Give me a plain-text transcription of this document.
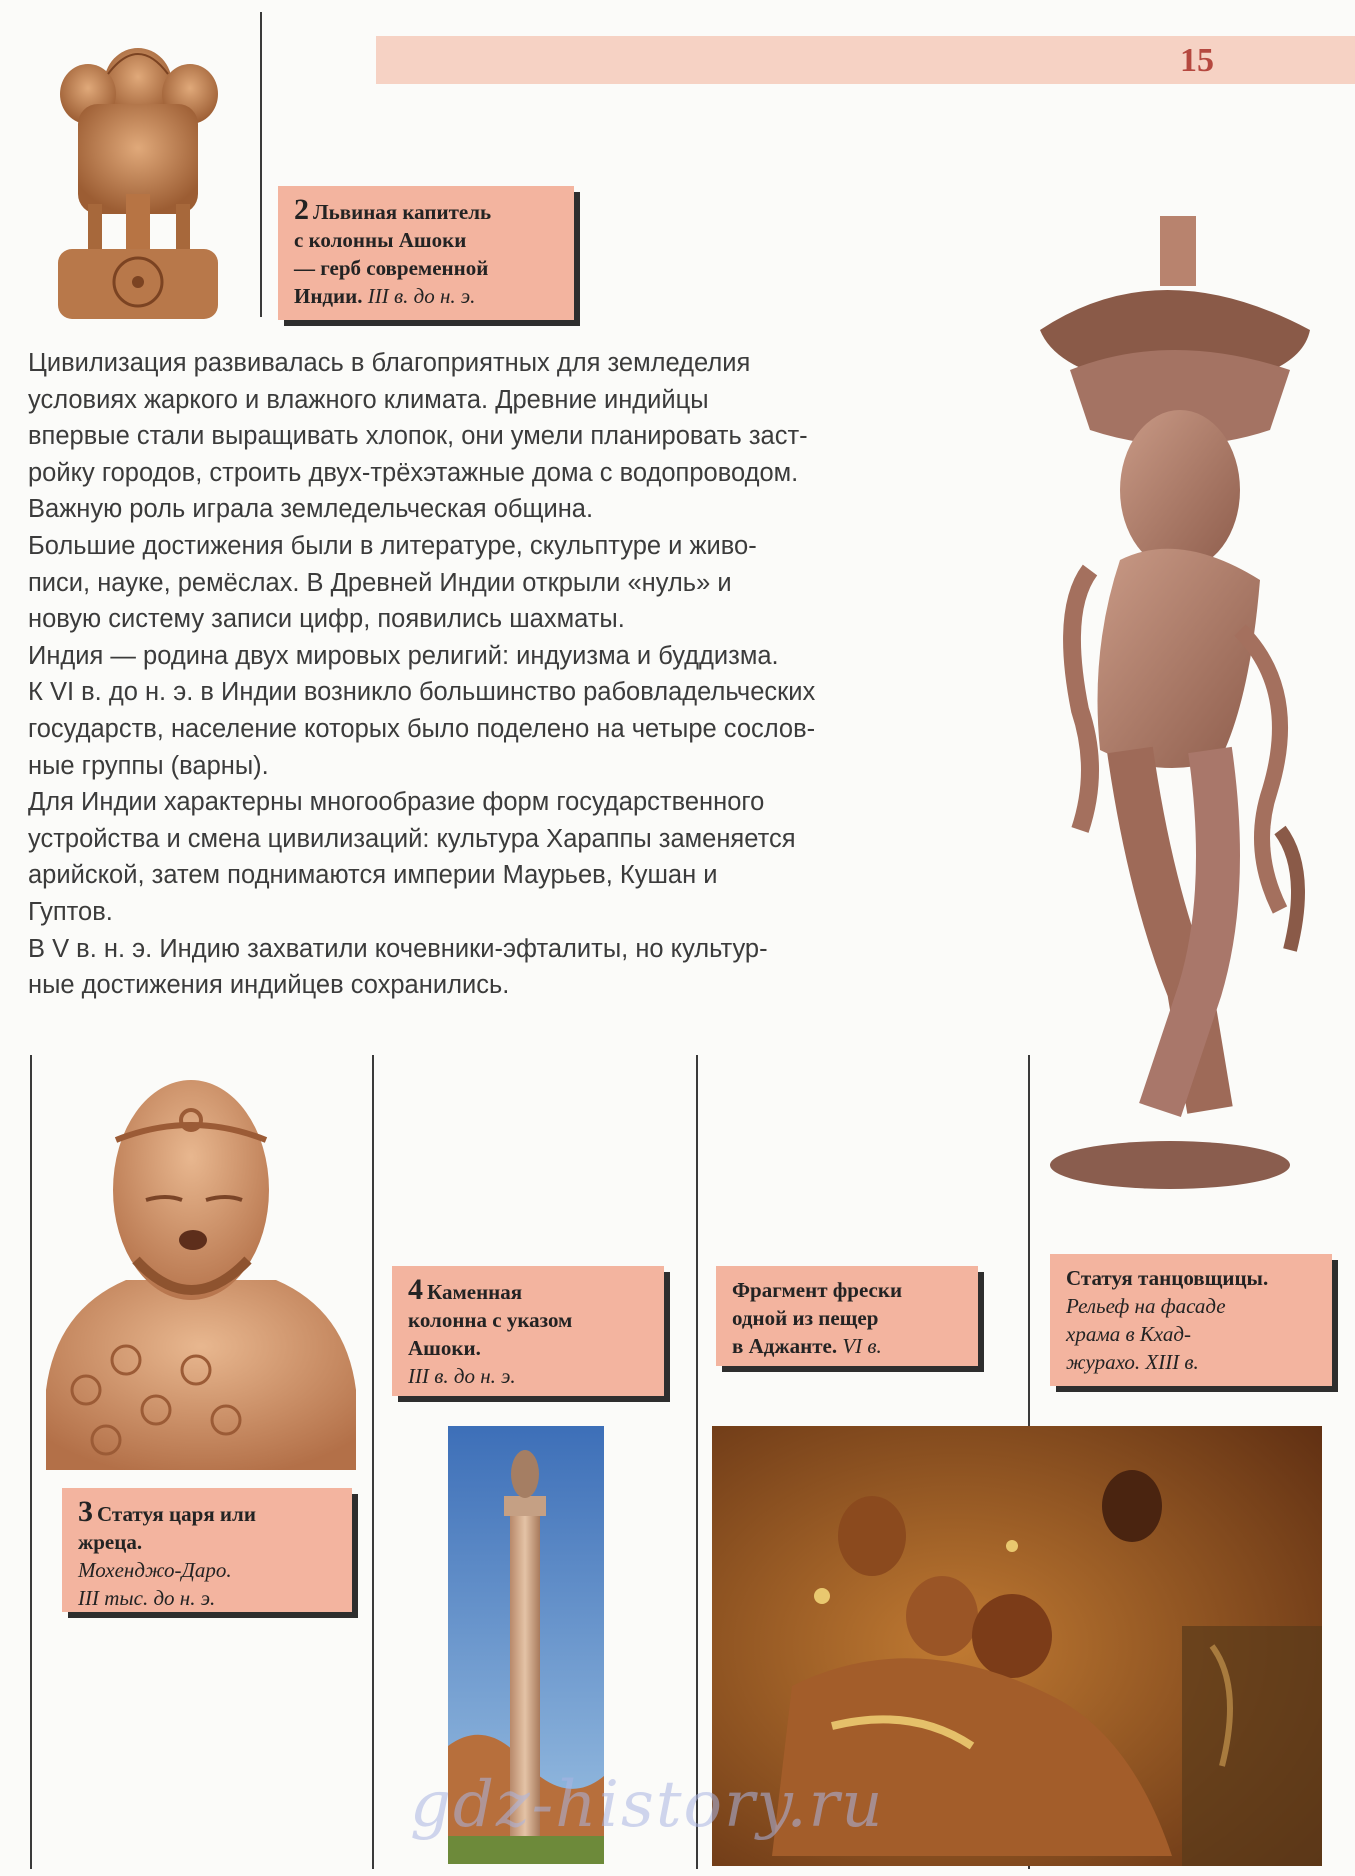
15
2 Львиная капитель
с колонны Ашоки
— герб современной
Индии. III в. до н. э.

Цивилизация развивалась в благоприятных для земледелия

условиях жаркого и влажного климата. Древние индийцы

впервые стали выращивать хлопок, они умели планировать заст-

ройку городов, строить двух-трёхэтажные дома с водопроводом.

Важную роль играла земледельческая община.

Большие достижения были в литературе, скульптуре и живо-

писи, науке, ремёслах. В Древней Индии открыли «нуль» и

новую систему записи цифр, появились шахматы.

Индия — родина двух мировых религий: индуизма и буддизма.

К VI в. до н. э. в Индии возникло большинство рабовладельческих

государств, население которых было поделено на четыре сослов-

ные группы (варны).

Для Индии характерны многообразие форм государственного

устройства и смена цивилизаций: культура Хараппы заменяется

арийской, затем поднимаются империи Маурьев, Кушан и

Гуптов.

В V в. н. э. Индию захватили кочевники-эфталиты, но культур-

ные достижения индийцев сохранились.

3 Статуя царя или
жреца.
Мохенджо-Даро.
III тыс. до н. э.
4 Каменная
колонна с указом
Ашоки.
III в. до н. э.
Фрагмент фрески
одной из пещер
в Аджанте. VI в.
Статуя танцовщицы.
Рельеф на фасаде
храма в Кхад-
журахо. XIII в.
gdz-history.ru
